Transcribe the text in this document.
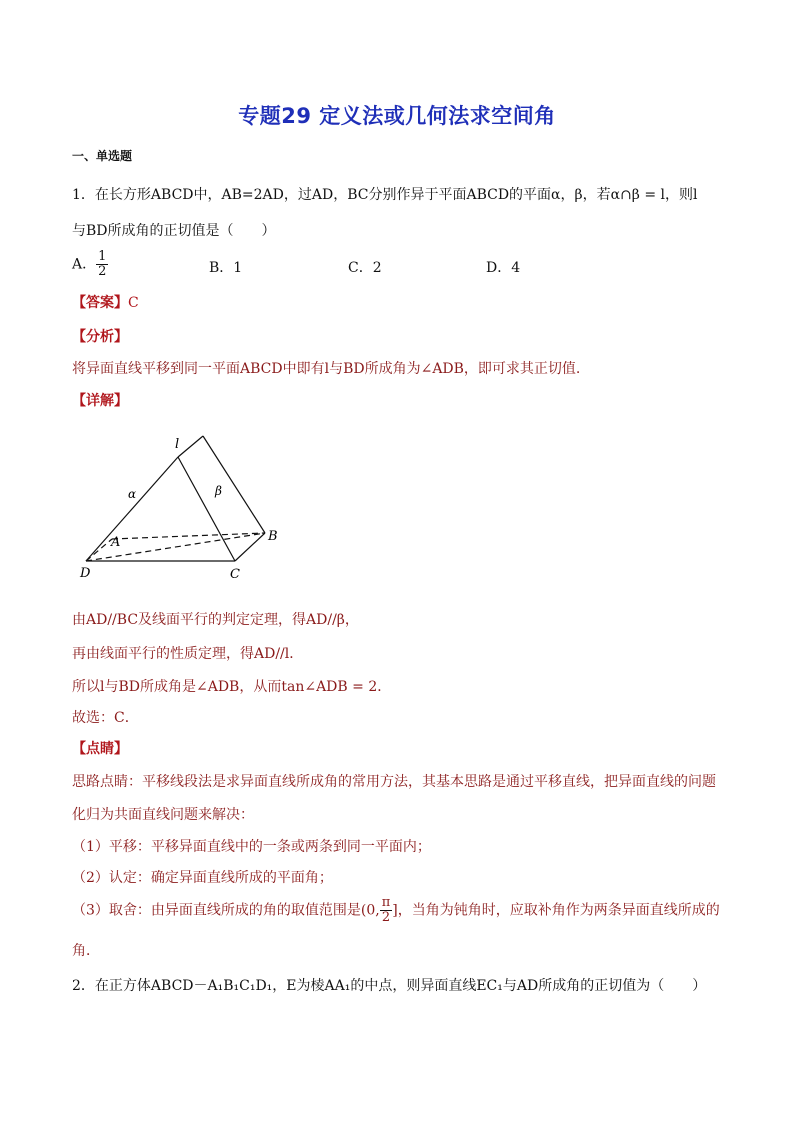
专题29 定义法或几何法求空间角
一、单选题
1．在长方形ABCD中，AB=2AD，过AD，BC分别作异于平面ABCD的平面α，β，若α∩β = l，则l
与BD所成角的正切值是（　　）
A． $\frac{1}{2}$	B．1	C．2	D．4
【答案】C
【分析】
将异面直线平移到同一平面ABCD中即有l与BD所成角为∠ADB，即可求其正切值.
【详解】
l
α	β
A	B
C
D
由AD//BC及线面平行的判定定理，得AD//β，
再由线面平行的性质定理，得AD//l．
所以l与BD所成角是∠ADB，从而tan∠ADB = 2．
故选：C．
【点睛】
思路点睛：平移线段法是求异面直线所成角的常用方法，其基本思路是通过平移直线，把异面直线的问题
化归为共面直线问题来解决：
（1）平移：平移异面直线中的一条或两条到同一平面内；
（2）认定：确定异面直线所成的平面角；
（3）取舍：由异面直线所成的角的取值范围是(0, $\frac{\pi}{2}$ ]，当角为钝角时，应取补角作为两条异面直线所成的
角．
2．在正方体ABCD－A₁B₁C₁D₁，E为棱AA₁的中点，则异面直线EC₁与AD所成角的正切值为（　　）
